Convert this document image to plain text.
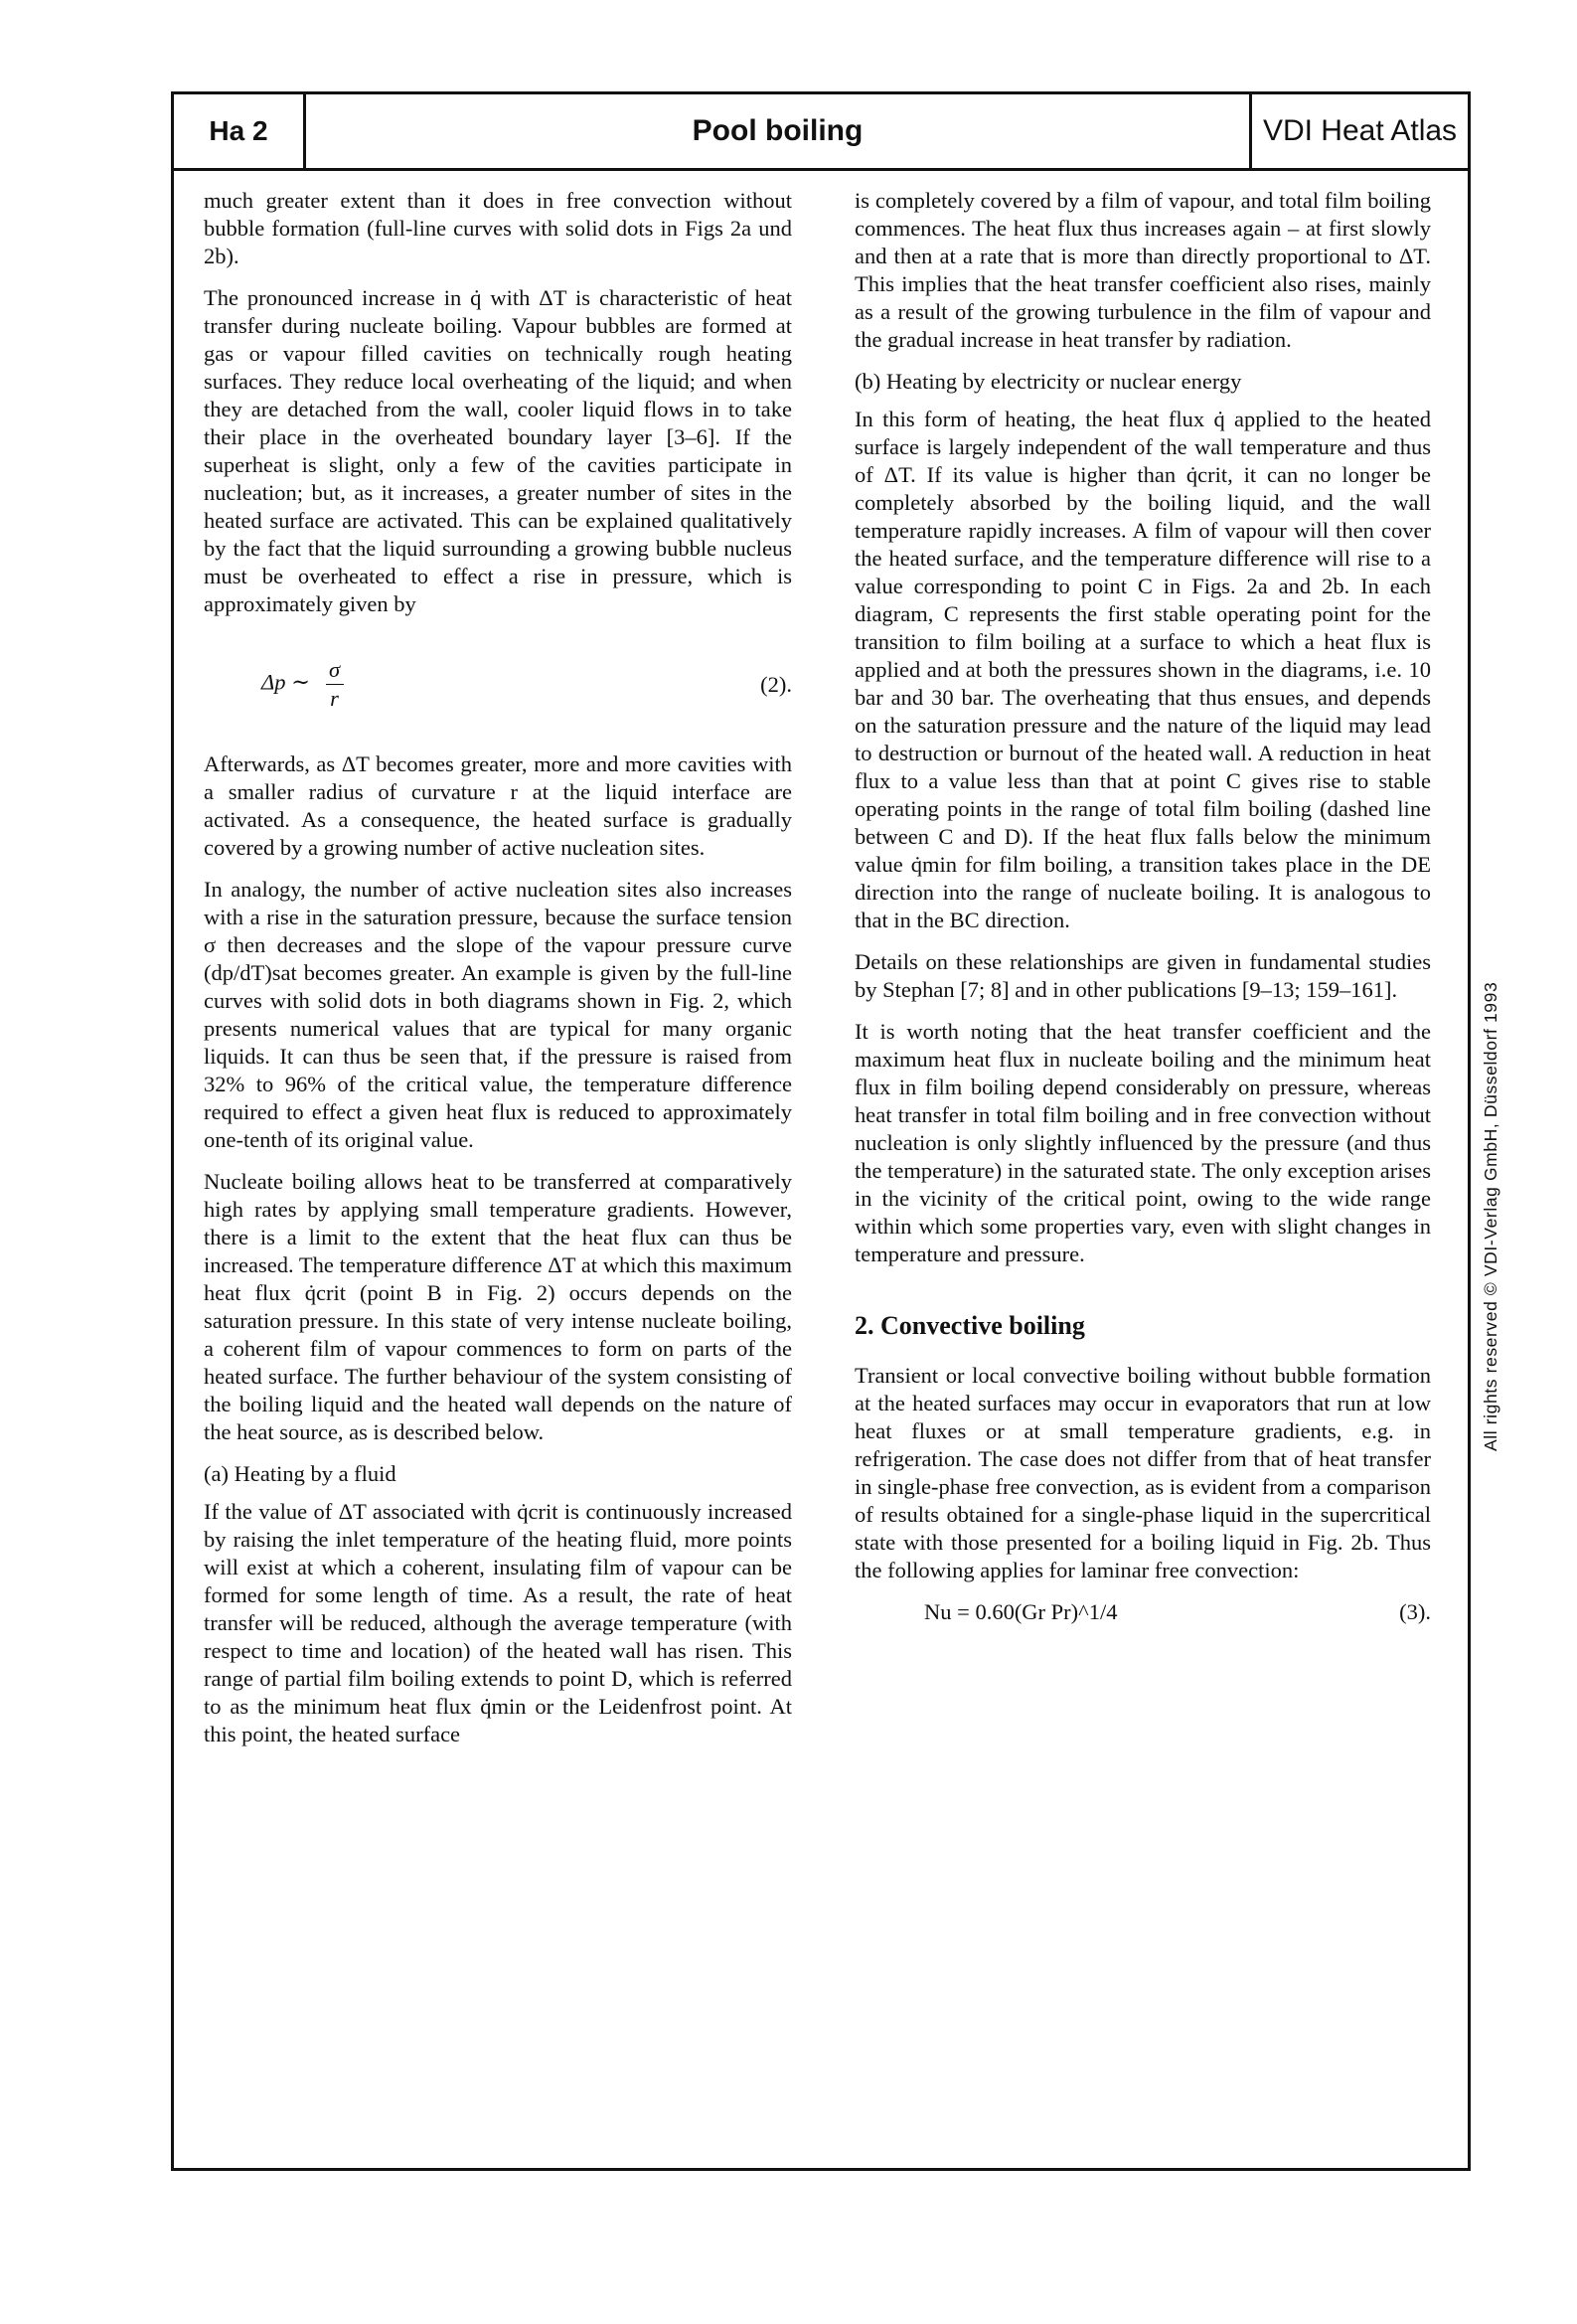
Ha 2	Pool boiling	VDI Heat Atlas

much greater extent than it does in free convection without bubble formation (full-line curves with solid dots in Figs 2a und 2b).

The pronounced increase in q̇ with ΔT is characteristic of heat transfer during nucleate boiling. Vapour bubbles are formed at gas or vapour filled cavities on technically rough heating surfaces. They reduce local overheating of the liquid; and when they are detached from the wall, cooler liquid flows in to take their place in the overheated boundary layer [3–6]. If the superheat is slight, only a few of the cavities participate in nucleation; but, as it increases, a greater number of sites in the heated surface are activated. This can be explained qualitatively by the fact that the liquid surrounding a growing bubble nucleus must be overheated to effect a rise in pressure, which is approximately given by

Δp ∼ $\frac{\sigma}{r}$	(2).

Afterwards, as ΔT becomes greater, more and more cavities with a smaller radius of curvature r at the liquid interface are activated. As a consequence, the heated surface is gradually covered by a growing number of active nucleation sites.

In analogy, the number of active nucleation sites also increases with a rise in the saturation pressure, because the surface tension σ then decreases and the slope of the vapour pressure curve (dp/dT)sat becomes greater. An example is given by the full-line curves with solid dots in both diagrams shown in Fig. 2, which presents numerical values that are typical for many organic liquids. It can thus be seen that, if the pressure is raised from 32% to 96% of the critical value, the temperature difference required to effect a given heat flux is reduced to approximately one-tenth of its original value.

Nucleate boiling allows heat to be transferred at comparatively high rates by applying small temperature gradients. However, there is a limit to the extent that the heat flux can thus be increased. The temperature difference ΔT at which this maximum heat flux q̇crit (point B in Fig. 2) occurs depends on the saturation pressure. In this state of very intense nucleate boiling, a coherent film of vapour commences to form on parts of the heated surface. The further behaviour of the system consisting of the boiling liquid and the heated wall depends on the nature of the heat source, as is described below.

(a) Heating by a fluid

If the value of ΔT associated with q̇crit is continuously increased by raising the inlet temperature of the heating fluid, more points will exist at which a coherent, insulating film of vapour can be formed for some length of time. As a result, the rate of heat transfer will be reduced, although the average temperature (with respect to time and location) of the heated wall has risen. This range of partial film boiling extends to point D, which is referred to as the minimum heat flux q̇min or the Leidenfrost point. At this point, the heated surface

is completely covered by a film of vapour, and total film boiling commences. The heat flux thus increases again – at first slowly and then at a rate that is more than directly proportional to ΔT. This implies that the heat transfer coefficient also rises, mainly as a result of the growing turbulence in the film of vapour and the gradual increase in heat transfer by radiation.

(b) Heating by electricity or nuclear energy

In this form of heating, the heat flux q̇ applied to the heated surface is largely independent of the wall temperature and thus of ΔT. If its value is higher than q̇crit, it can no longer be completely absorbed by the boiling liquid, and the wall temperature rapidly increases. A film of vapour will then cover the heated surface, and the temperature difference will rise to a value corresponding to point C in Figs. 2a and 2b. In each diagram, C represents the first stable operating point for the transition to film boiling at a surface to which a heat flux is applied and at both the pressures shown in the diagrams, i.e. 10 bar and 30 bar. The overheating that thus ensues, and depends on the saturation pressure and the nature of the liquid may lead to destruction or burnout of the heated wall. A reduction in heat flux to a value less than that at point C gives rise to stable operating points in the range of total film boiling (dashed line between C and D). If the heat flux falls below the minimum value q̇min for film boiling, a transition takes place in the DE direction into the range of nucleate boiling. It is analogous to that in the BC direction.

Details on these relationships are given in fundamental studies by Stephan [7; 8] and in other publications [9–13; 159–161].

It is worth noting that the heat transfer coefficient and the maximum heat flux in nucleate boiling and the minimum heat flux in film boiling depend considerably on pressure, whereas heat transfer in total film boiling and in free convection without nucleation is only slightly influenced by the pressure (and thus the temperature) in the saturated state. The only exception arises in the vicinity of the critical point, owing to the wide range within which some properties vary, even with slight changes in temperature and pressure.

2. Convective boiling

Transient or local convective boiling without bubble formation at the heated surfaces may occur in evaporators that run at low heat fluxes or at small temperature gradients, e.g. in refrigeration. The case does not differ from that of heat transfer in single-phase free convection, as is evident from a comparison of results obtained for a single-phase liquid in the supercritical state with those presented for a boiling liquid in Fig. 2b. Thus the following applies for laminar free convection:

Nu = 0.60(Gr Pr)^1/4	(3).
All rights reserved © VDI-Verlag GmbH, Düsseldorf 1993
